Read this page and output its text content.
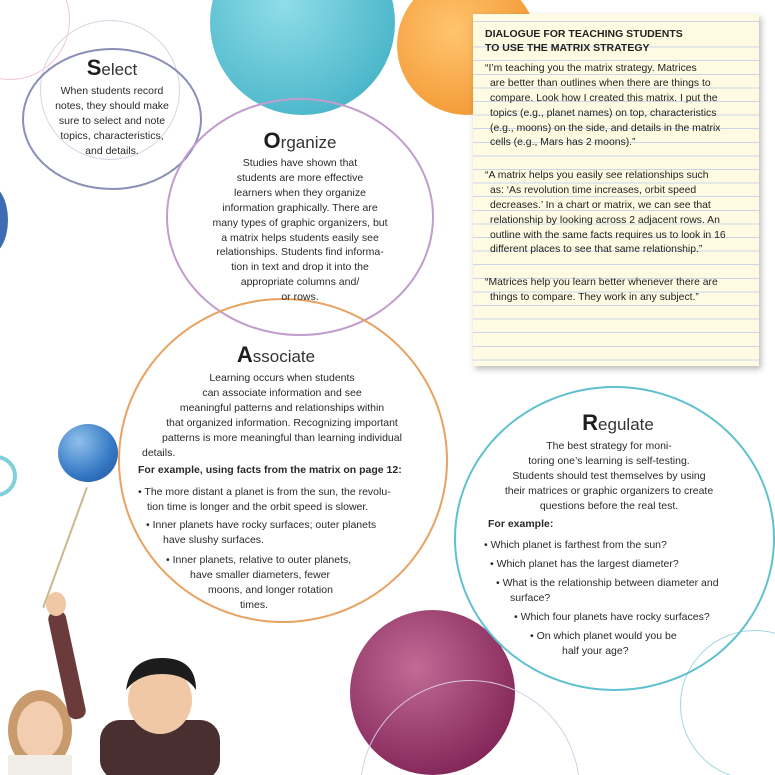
Select
When students record
notes, they should make
sure to select and note
topics, characteristics,
and details.	Organize
Studies have shown that
students are more effective
learners when they organize
information graphically. There are
many types of graphic organizers, but
a matrix helps students easily see
relationships. Students find informa-
tion in text and drop it into the
appropriate columns and/
or rows.
Associate
Learning occurs when students
can associate information and see
meaningful patterns and relationships within
that organized information. Recognizing important
patterns is more meaningful than learning individual
details.
For example, using facts from the matrix on page 12:
• The more distant a planet is from the sun, the revolu-
tion time is longer and the orbit speed is slower.
• Inner planets have rocky surfaces; outer planets
have slushy surfaces.
• Inner planets, relative to outer planets,
have smaller diameters, fewer
moons, and longer rotation
times.
Regulate
The best strategy for moni-
toring one’s learning is self-testing.
Students should test themselves by using
their matrices or graphic organizers to create
questions before the real test.
For example:
• Which planet is farthest from the sun?
• Which planet has the largest diameter?
• What is the relationship between diameter and
surface?
• Which four planets have rocky surfaces?
• On which planet would you be
half your age?
DIALOGUE FOR TEACHING STUDENTS
TO USE THE MATRIX STRATEGY
“I’m teaching you the matrix strategy. Matrices
are better than outlines when there are things to
compare. Look how I created this matrix. I put the
topics (e.g., planet names) on top, characteristics
(e.g., moons) on the side, and details in the matrix
cells (e.g., Mars has 2 moons).”
“A matrix helps you easily see relationships such
as: ‘As revolution time increases, orbit speed
decreases.’ In a chart or matrix, we can see that
relationship by looking across 2 adjacent rows. An
outline with the same facts requires us to look in 16
different places to see that same relationship.”
“Matrices help you learn better whenever there are
things to compare. They work in any subject.”
